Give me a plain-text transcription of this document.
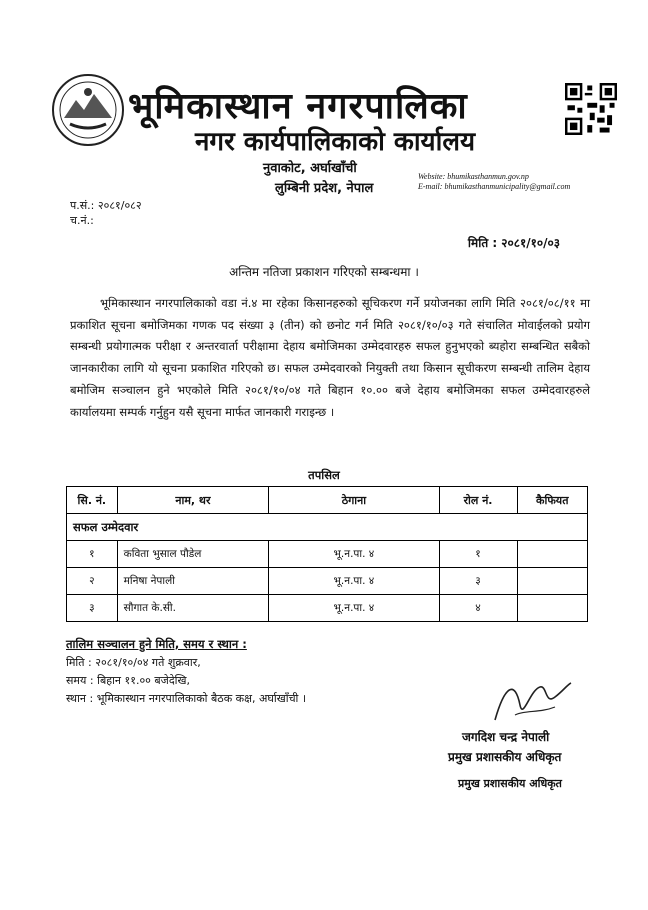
भूमिकास्थान नगरपालिका
नगर कार्यपालिकाको कार्यालय
नुवाकोट, अर्घाखाँची
लुम्बिनी प्रदेश, नेपाल
Website: bhumikasthanmun.gov.np
E-mail: bhumikasthanmunicipality@gmail.com
प.सं.: २०८१/०८२
च.नं.:
मिति : २०८१/१०/०३
अन्तिम नतिजा प्रकाशन गरिएको सम्बन्धमा ।
भूमिकास्थान नगरपालिकाको वडा नं.४ मा रहेका किसानहरुको सूचिकरण गर्ने प्रयोजनका लागि मिति २०८१/०८/११ मा प्रकाशित सूचना बमोजिमका गणक पद संख्या ३ (तीन) को छनोट गर्न मिति २०८१/१०/०३ गते संचालित मोवाईलको प्रयोग सम्बन्धी प्रयोगात्मक परीक्षा र अन्तरवार्ता परीक्षामा देहाय बमोजिमका उम्मेदवारहरु सफल हुनुभएको ब्यहोरा सम्बन्धित सबैको जानकारीका लागि यो सूचना प्रकाशित गरिएको छ। सफल उम्मेदवारको नियुक्ती तथा किसान सूचीकरण सम्बन्धी तालिम देहाय बमोजिम सञ्चालन हुने भएकोले मिति २०८१/१०/०४ गते बिहान १०.०० बजे देहाय बमोजिमका सफल उम्मेदवारहरुले कार्यालयमा सम्पर्क गर्नुहुन यसै सूचना मार्फत जानकारी गराइन्छ ।
तपसिल
सि. नं.	नाम, थर	ठेगाना	रोल नं.	कैफियत
सफल उम्मेदवार				
१	कविता भुसाल पौडेल	भू.न.पा. ४	१	
२	मनिषा नेपाली	भू.न.पा. ४	३	
३	सौगात के.सी.	भू.न.पा. ४	४	
तालिम सञ्चालन हुने मिति, समय र स्थान :
मिति : २०८१/१०/०४ गते शुक्रवार,
समय : बिहान ११.०० बजेदेखि,
स्थान : भूमिकास्थान नगरपालिकाको बैठक कक्ष, अर्घाखाँची ।
जगदिश चन्द्र नेपाली
प्रमुख प्रशासकीय अधिकृत
प्रमुख प्रशासकीय अधिकृत
